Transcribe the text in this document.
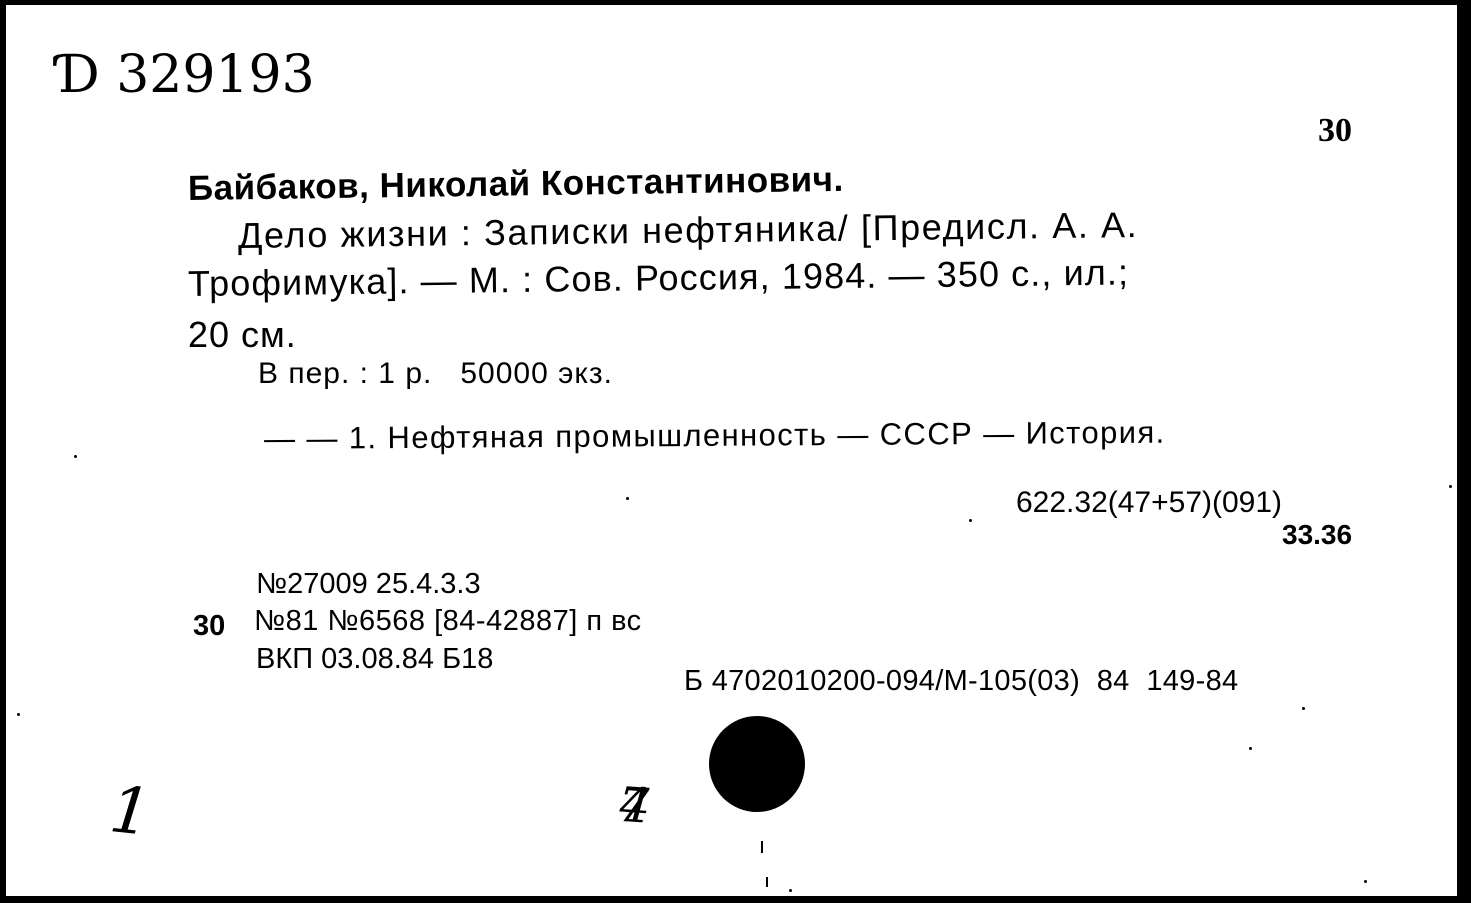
Ɗ 329193
30
Байбаков, Николай Константинович.
Дело жизни : Записки нефтяника/ [Предисл. А. А.
Трофимука]. — М. : Сов. Россия, 1984. — 350 с., ил.;
20 см.
В пер. : 1 р.   50000 экз.
— — 1. Нефтяная промышленность — СССР — История.
622.32(47+57)(091)
33.36
№27009 25.4.3.3
30 №81 №6568 [84-42887] п вс
ВКП 03.08.84 Б18
Б 4702010200-094/М-105(03)  84  149-84
1	7 4
